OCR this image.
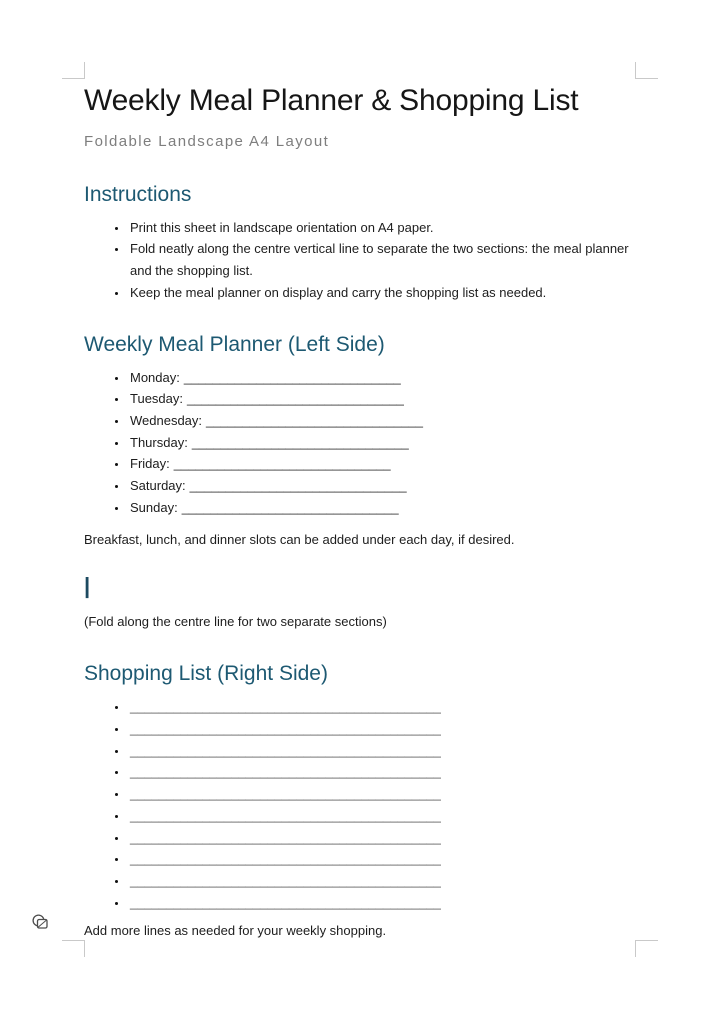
Weekly Meal Planner & Shopping List
Foldable Landscape A4 Layout
Instructions
• Print this sheet in landscape orientation on A4 paper.
• Fold neatly along the centre vertical line to separate the two sections: the meal planner and the shopping list.
• Keep the meal planner on display and carry the shopping list as needed.
Weekly Meal Planner (Left Side)
• Monday: ______________________________
• Tuesday: ______________________________
• Wednesday: ______________________________
• Thursday: ______________________________
• Friday: ______________________________
• Saturday: ______________________________
• Sunday: ______________________________

Breakfast, lunch, and dinner slots can be added under each day, if desired.

|

(Fold along the centre line for two separate sections)

Shopping List (Right Side)
• ___________________________________________
• ___________________________________________
• ___________________________________________
• ___________________________________________
• ___________________________________________
• ___________________________________________
• ___________________________________________
• ___________________________________________
• ___________________________________________
• ___________________________________________

Add more lines as needed for your weekly shopping.
